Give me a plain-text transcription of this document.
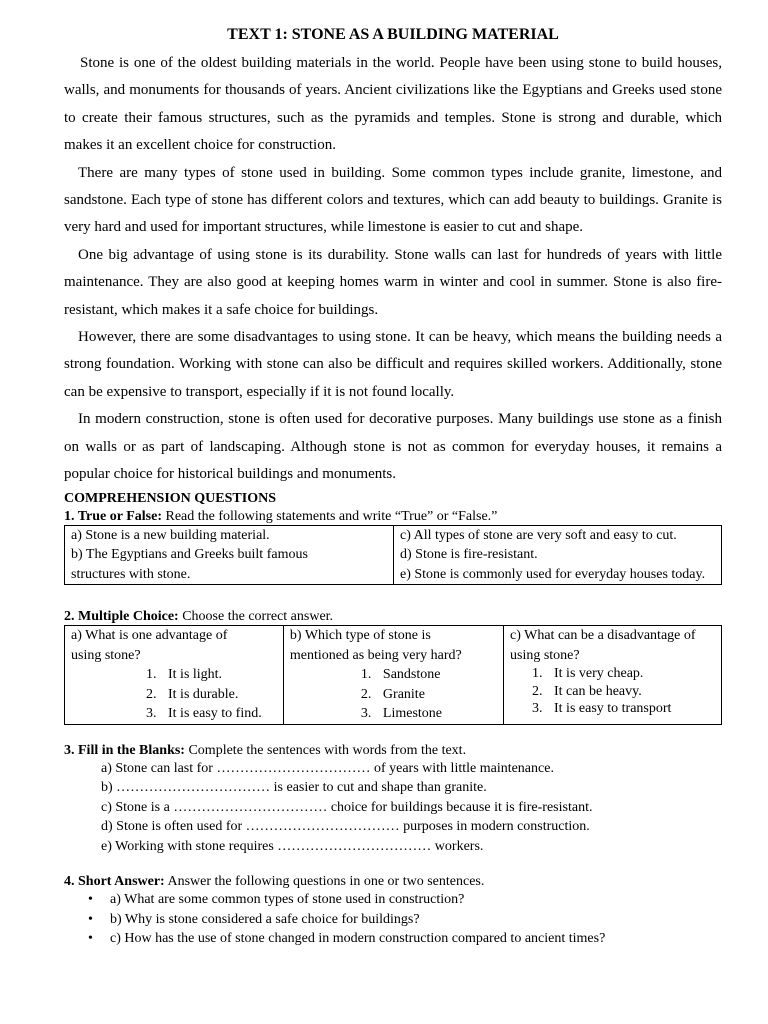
TEXT 1: STONE AS A BUILDING MATERIAL

Stone is one of the oldest building materials in the world. People have been using stone to build houses, walls, and monuments for thousands of years. Ancient civilizations like the Egyptians and Greeks used stone to create their famous structures, such as the pyramids and temples. Stone is strong and durable, which makes it an excellent choice for construction.

There are many types of stone used in building. Some common types include granite, limestone, and sandstone. Each type of stone has different colors and textures, which can add beauty to buildings. Granite is very hard and used for important structures, while limestone is easier to cut and shape.

One big advantage of using stone is its durability. Stone walls can last for hundreds of years with little maintenance. They are also good at keeping homes warm in winter and cool in summer. Stone is also fire-resistant, which makes it a safe choice for buildings.

However, there are some disadvantages to using stone. It can be heavy, which means the building needs a strong foundation. Working with stone can also be difficult and requires skilled workers. Additionally, stone can be expensive to transport, especially if it is not found locally.

In modern construction, stone is often used for decorative purposes. Many buildings use stone as a finish on walls or as part of landscaping. Although stone is not as common for everyday houses, it remains a popular choice for historical buildings and monuments.

COMPREHENSION QUESTIONS
1. True or False: Read the following statements and write “True” or “False.”
a) Stone is a new building material.
b) The Egyptians and Greeks built famous structures with stone.

c) All types of stone are very soft and easy to cut.
d) Stone is fire-resistant.
e) Stone is commonly used for everyday houses today.
2. Multiple Choice: Choose the correct answer.
a) What is one advantage of using stone?
1. It is light.
2. It is durable.
3. It is easy to find.

b) Which type of stone is mentioned as being very hard?
1. Sandstone
2. Granite
3. Limestone

c) What can be a disadvantage of using stone?
1. It is very cheap.
2. It can be heavy.
3. It is easy to transport
3. Fill in the Blanks: Complete the sentences with words from the text.
a) Stone can last for …………………………… of years with little maintenance.
b) …………………………… is easier to cut and shape than granite.
c) Stone is a …………………………… choice for buildings because it is fire-resistant.
d) Stone is often used for …………………………… purposes in modern construction.
e) Working with stone requires …………………………… workers.
4. Short Answer: Answer the following questions in one or two sentences.
• a) What are some common types of stone used in construction?
• b) Why is stone considered a safe choice for buildings?
• c) How has the use of stone changed in modern construction compared to ancient times?
